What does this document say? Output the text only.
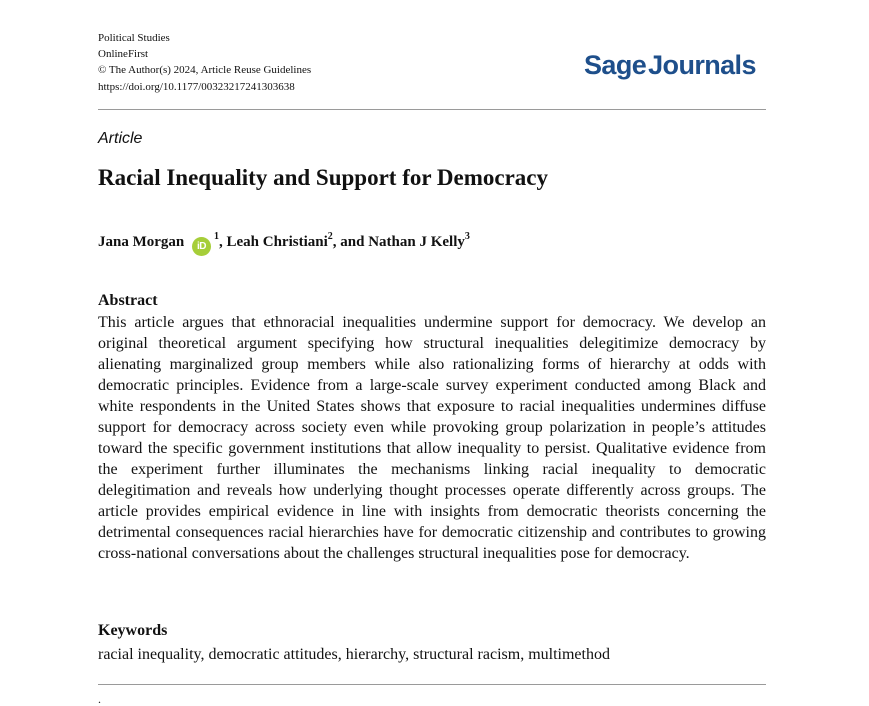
Political Studies
OnlineFirst
© The Author(s) 2024, Article Reuse Guidelines
https://doi.org/10.1177/00323217241303638
SageJournals
Article
Racial Inequality and Support for Democracy
Jana Morgan $iD^1$, Leah Christiani$^2$, and Nathan J Kelly$^3$
Abstract

This article argues that ethnoracial inequalities undermine support for democracy. We develop an original theoretical argument specifying how structural inequalities delegitimize democracy by alienating marginalized group members while also rationalizing forms of hierarchy at odds with democratic principles. Evidence from a large-scale survey experiment conducted among Black and white respondents in the United States shows that exposure to racial inequalities undermines diffuse support for democracy across society even while provoking group polarization in people’s attitudes toward the specific government institutions that allow inequality to persist. Qualitative evidence from the experiment further illuminates the mechanisms linking racial inequality to democratic delegitimation and reveals how underlying thought processes operate differently across groups. The article provides empirical evidence in line with insights from democratic theorists concerning the detrimental consequences racial hierarchies have for democratic citizenship and contributes to growing cross-national conversations about the challenges structural inequalities pose for democracy.

Keywords
racial inequality, democratic attitudes, hierarchy, structural racism, multimethod
.
